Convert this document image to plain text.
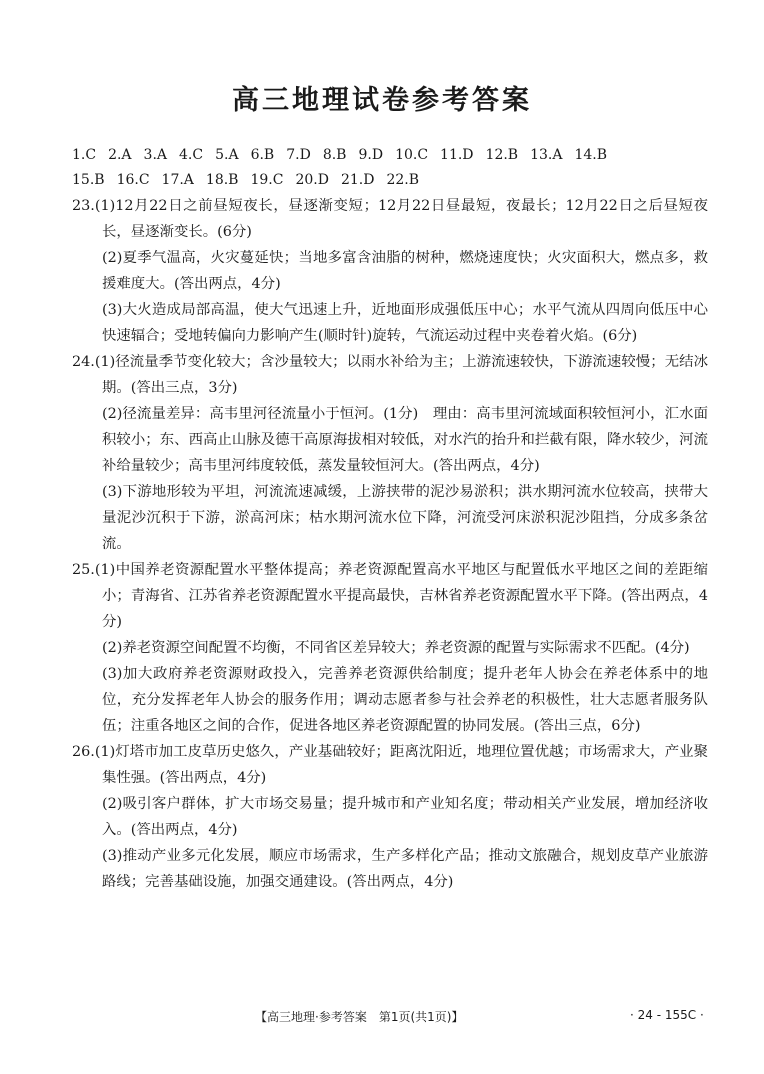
高三地理试卷参考答案
1.C 2.A 3.A 4.C 5.A 6.B 7.D 8.B 9.D 10.C 11.D 12.B 13.A 14.B
15.B 16.C 17.A 18.B 19.C 20.D 21.D 22.B
23.(1)12月22日之前昼短夜长，昼逐渐变短；12月22日昼最短，夜最长；12月22日之后昼短夜长，昼逐渐变长。(6分)
(2)夏季气温高，火灾蔓延快；当地多富含油脂的树种，燃烧速度快；火灾面积大，燃点多，救援难度大。(答出两点，4分)
(3)大火造成局部高温，使大气迅速上升，近地面形成强低压中心；水平气流从四周向低压中心快速辐合；受地转偏向力影响产生(顺时针)旋转，气流运动过程中夹卷着火焰。(6分)
24.(1)径流量季节变化较大；含沙量较大；以雨水补给为主；上游流速较快，下游流速较慢；无结冰期。(答出三点，3分)
(2)径流量差异：高韦里河径流量小于恒河。(1分)　理由：高韦里河流域面积较恒河小，汇水面积较小；东、西高止山脉及德干高原海拔相对较低，对水汽的抬升和拦截有限，降水较少，河流补给量较少；高韦里河纬度较低，蒸发量较恒河大。(答出两点，4分)
(3)下游地形较为平坦，河流流速减缓，上游挟带的泥沙易淤积；洪水期河流水位较高，挟带大量泥沙沉积于下游，淤高河床；枯水期河流水位下降，河流受河床淤积泥沙阻挡，分成多条岔流。
25.(1)中国养老资源配置水平整体提高；养老资源配置高水平地区与配置低水平地区之间的差距缩小；青海省、江苏省养老资源配置水平提高最快，吉林省养老资源配置水平下降。(答出两点，4分)
(2)养老资源空间配置不均衡，不同省区差异较大；养老资源的配置与实际需求不匹配。(4分)
(3)加大政府养老资源财政投入，完善养老资源供给制度；提升老年人协会在养老体系中的地位，充分发挥老年人协会的服务作用；调动志愿者参与社会养老的积极性，壮大志愿者服务队伍；注重各地区之间的合作，促进各地区养老资源配置的协同发展。(答出三点，6分)
26.(1)灯塔市加工皮草历史悠久，产业基础较好；距离沈阳近，地理位置优越；市场需求大，产业聚集性强。(答出两点，4分)
(2)吸引客户群体，扩大市场交易量；提升城市和产业知名度；带动相关产业发展，增加经济收入。(答出两点，4分)
(3)推动产业多元化发展，顺应市场需求，生产多样化产品；推动文旅融合，规划皮草产业旅游路线；完善基础设施，加强交通建设。(答出两点，4分)
【高三地理·参考答案　第1页(共1页)】	· 24 - 155C ·
